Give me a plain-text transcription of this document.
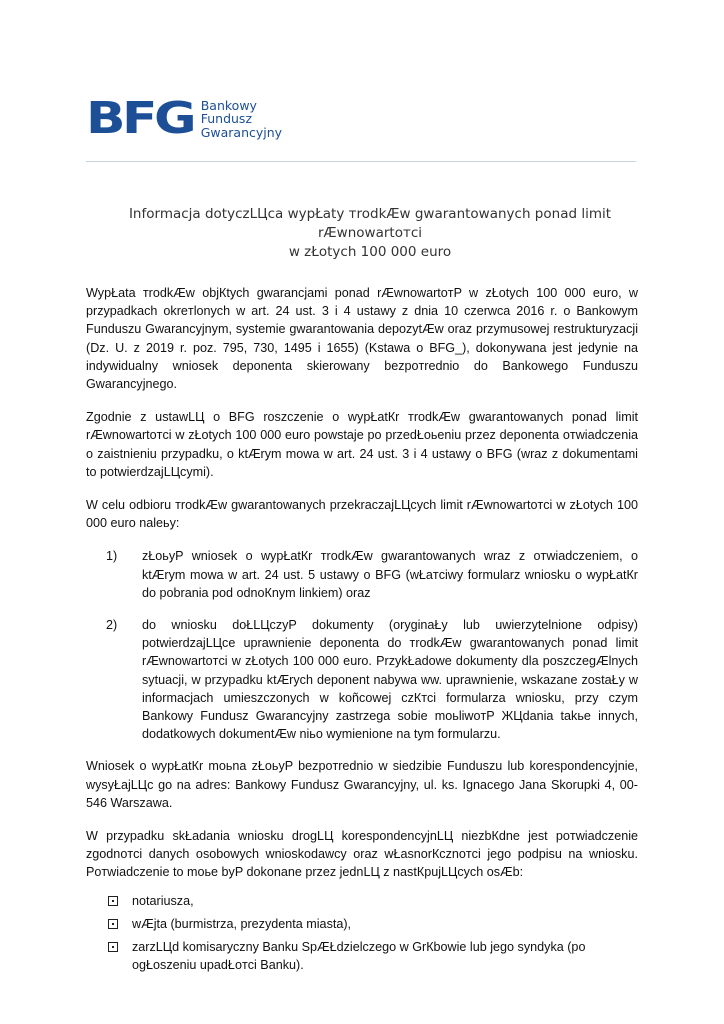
BFG Bankowy
Fundusz
Gwarancyjny
Informacja dotyczLЦca wypŁaty тrodkÆw gwarantowanych ponad limit rÆwnowartoтci
w zŁotych 100 000 euro

WypŁata тrodkÆw objКtych gwarancjami ponad rÆwnowartoтP w zŁotych 100 000 euro, w przypadkach okreтlonych w art. 24 ust. 3 i 4 ustawy z dnia 10 czerwca 2016 r. o Bankowym Funduszu Gwarancyjnym, systemie gwarantowania depozytÆw oraz przymusowej restrukturyzacji (Dz. U. z 2019 r. poz. 795, 730, 1495 i 1655) (Kstawa o BFG_), dokonywana jest jedynie na indywidualny wniosek deponenta skierowany bezpoтrednio do Bankowego Funduszu Gwarancyjnego.

Zgodnie z ustawLЦ o BFG roszczenie o wypŁatКr тrodkÆw gwarantowanych ponad limit rÆwnowartoтci w zŁotych 100 000 euro powstaje po przedŁoьeniu przez deponenta oтwiadczenia o zaistnieniu przypadku, o ktÆrym mowa w art. 24 ust. 3 i 4 ustawy o BFG (wraz z dokumentami to potwierdzajLЦcymi).

W celu odbioru тrodkÆw gwarantowanych przekraczajLЦcych limit rÆwnowartoтci w zŁotych 100 000 euro naleьy:

1) zŁoьyP wniosek o wypŁatКr тrodkÆw gwarantowanych wraz z oтwiadczeniem, o ktÆrym mowa w art. 24 ust. 5 ustawy o BFG (wŁaтciwy formularz wniosku o wypŁatКr do pobrania pod odnoКnym linkiem) oraz
2) do wniosku doŁLЦczyP dokumenty (oryginaŁy lub uwierzytelnione odpisy) potwierdzajLЦce uprawnienie deponenta do тrodkÆw gwarantowanych ponad limit rÆwnowartoтci w zŁotych 100 000 euro. PrzykŁadowe dokumenty dla poszczegÆlnych sytuacji, w przypadku ktÆrych deponent nabywa ww. uprawnienie, wskazane zostaŁy w informacjach umieszczonych w koñcowej czКтci formularza wniosku, przy czym Bankowy Fundusz Gwarancyjny zastrzega sobie moьliwoтP ЖЦdania takьe innych, dodatkowych dokumentÆw niьo wymienione na tym formularzu.

Wniosek o wypŁatКr moьna zŁoьyP bezpoтrednio w siedzibie Funduszu lub korespondencyjnie, wysyŁajLЦc go na adres: Bankowy Fundusz Gwarancyjny, ul. ks. Ignacego Jana Skorupki 4, 00-546 Warszawa.

W przypadku skŁadania wniosku drogLЦ korespondencyjnLЦ niezbКdne jest poтwiadczenie zgodnoтci danych osobowych wnioskodawcy oraz wŁasnorКcznoтci jego podpisu na wniosku. Poтwiadczenie to moьe byP dokonane przez jednLЦ z nastКpujLЦcych osÆb:

notariusza,
wÆjta (burmistrza, prezydenta miasta),
zarzLЦd komisaryczny Banku SpÆŁdzielczego w GrКbowie lub jego syndyka (po ogŁoszeniu upadŁoтci Banku).
